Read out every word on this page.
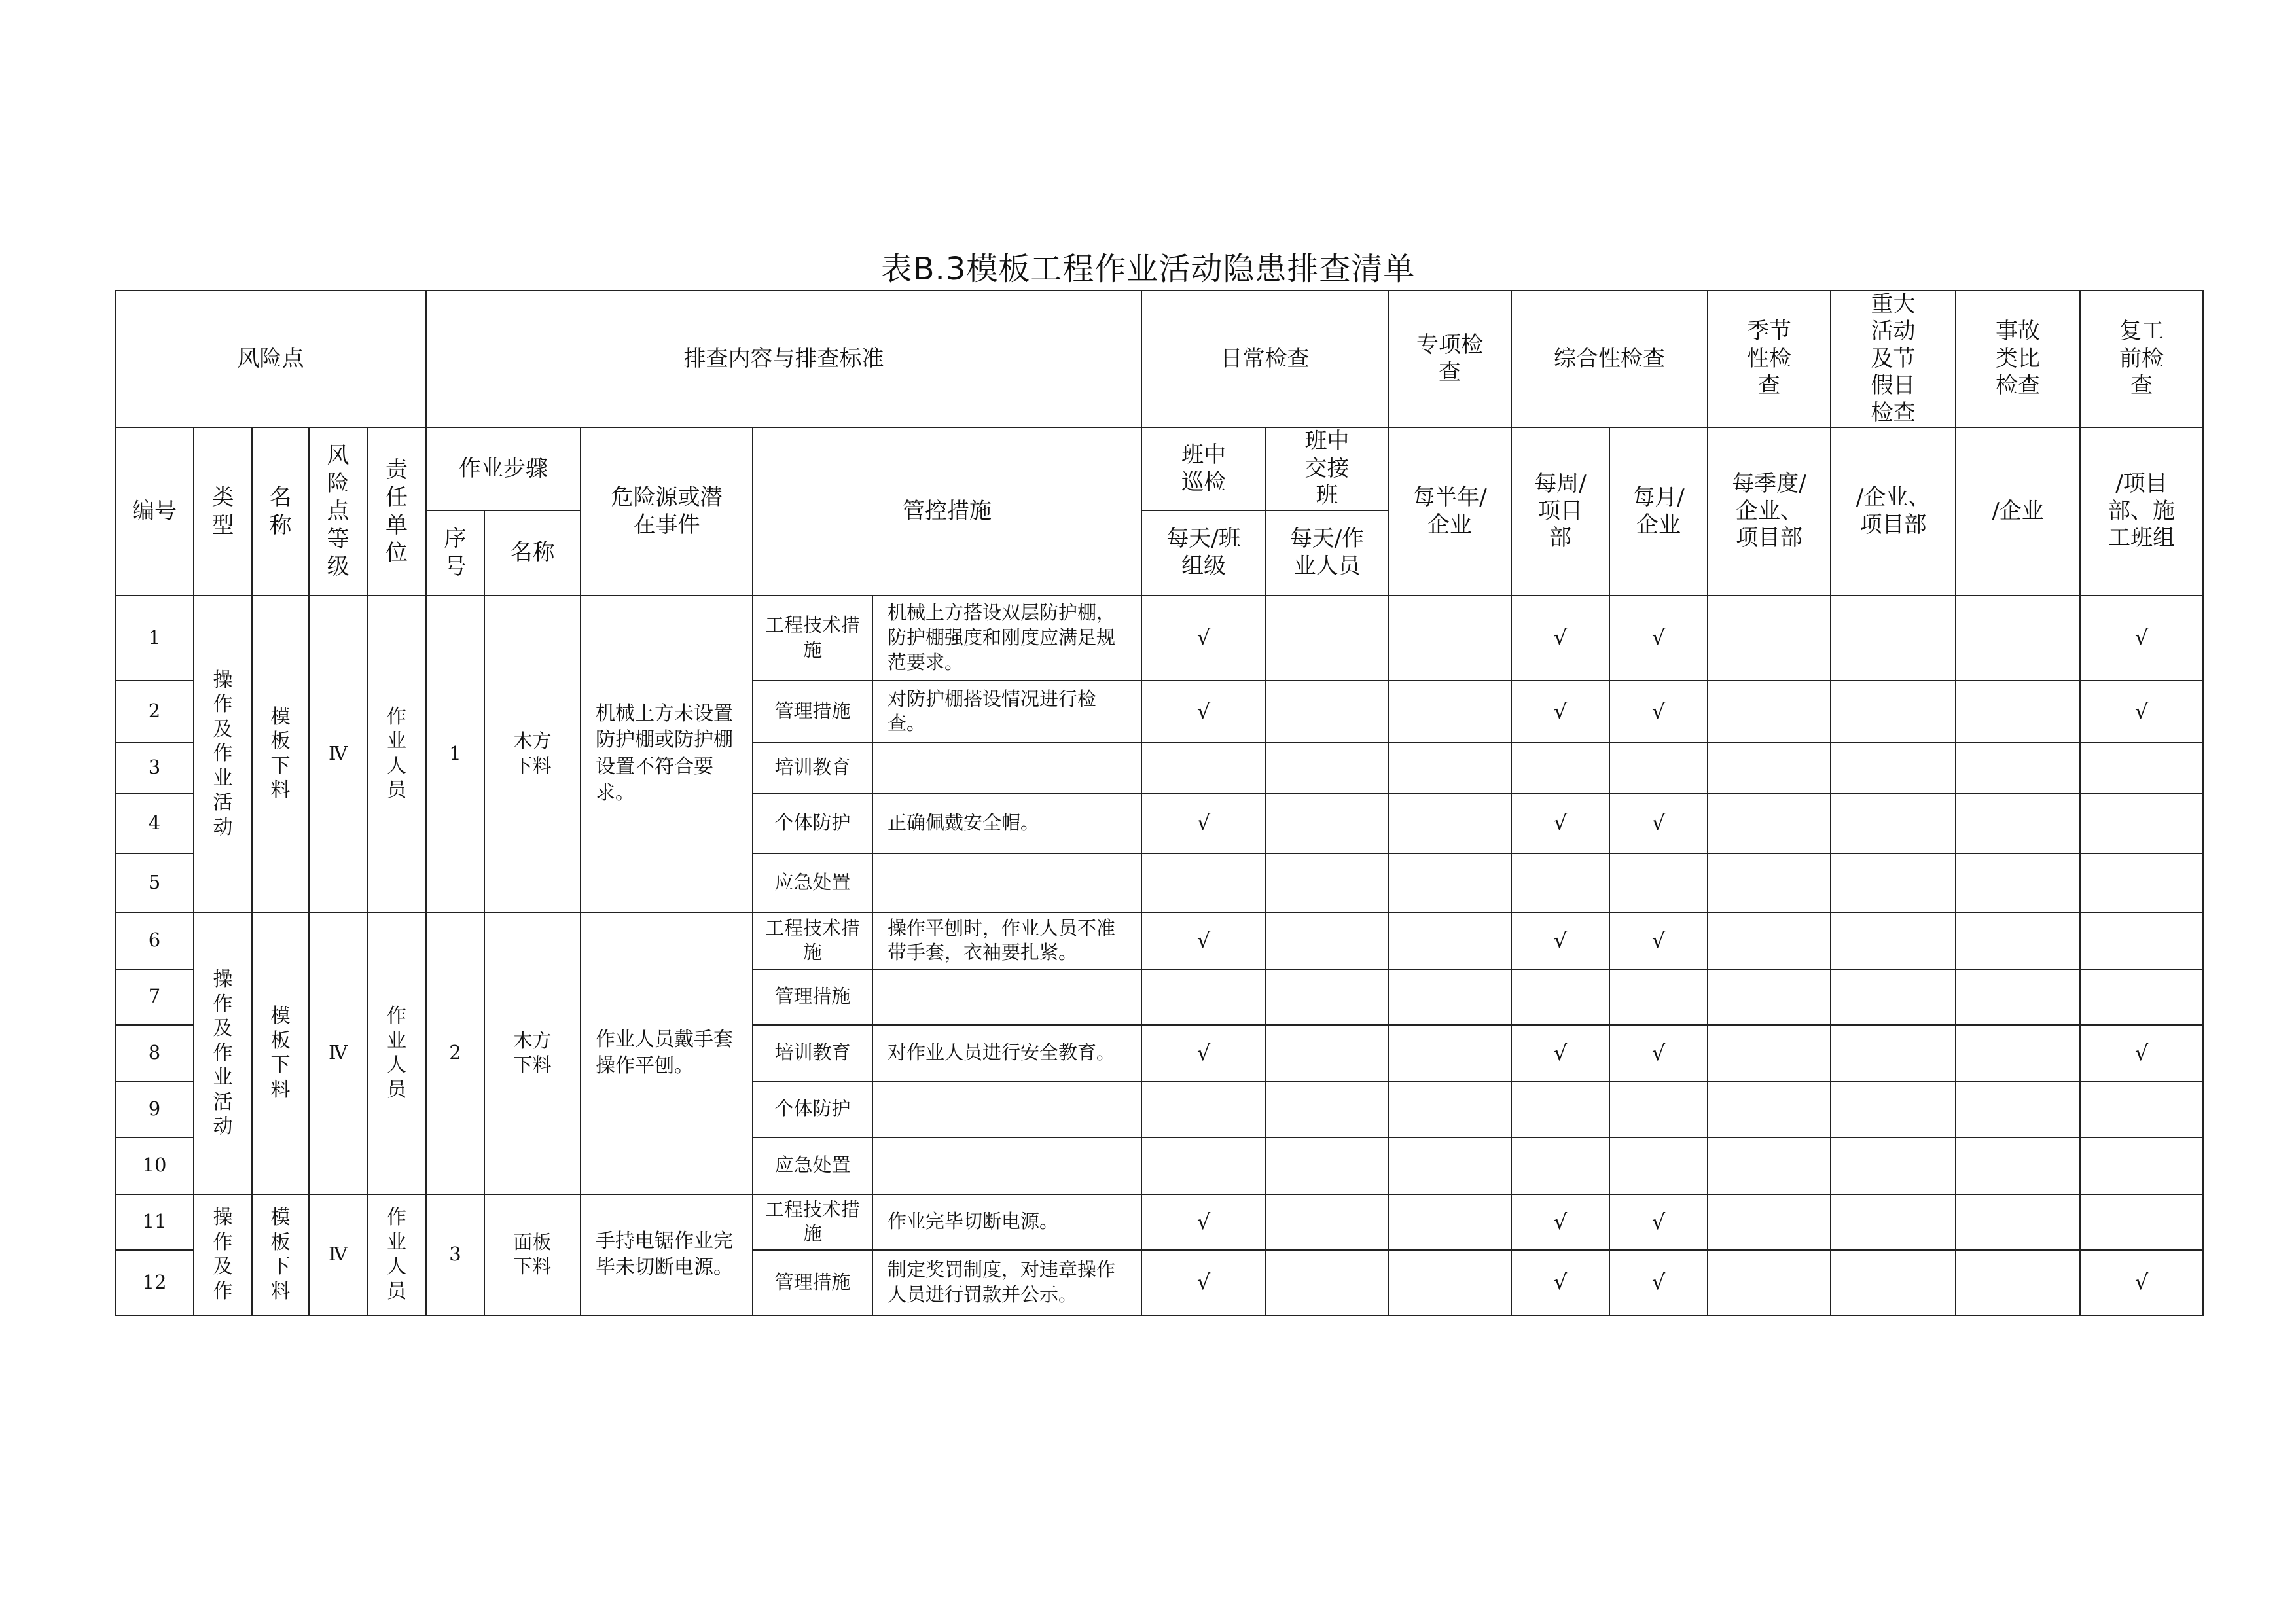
表B.3模板工程作业活动隐患排查清单
风险点					排查内容与排查标准					日常检查		专项检查	综合性检查		季节性检查	重大活动及节假日检查	事故类比检查	复工前检查
编号	类型	名称	风险点等级	责任单位	作业步骤		危险源或潜在事件	管控措施		班中巡检	班中交接班	每半年/企业	每周/项目部	每月/企业	每季度/企业、项目部	/企业、项目部	/企业	/项目部、施工班组
					序号	名称				每天/班组级	每天/作业人员							
1	操作及作业活动	模板下料	Ⅳ	作业人员	1	木方下料	机械上方未设置防护棚或防护棚设置不符合要求。	工程技术措施	机械上方搭设双层防护棚，防护棚强度和刚度应满足规范要求。	√			√	√				√
2								管理措施	对防护棚搭设情况进行检查。	√			√	√				√
3								培训教育										
4								个体防护	正确佩戴安全帽。	√			√	√				
5								应急处置										
6	操作及作业活动	模板下料	Ⅳ	作业人员	2	木方下料	作业人员戴手套操作平刨。	工程技术措施	操作平刨时，作业人员不准带手套，衣袖要扎紧。	√			√	√				
7								管理措施										
8								培训教育	对作业人员进行安全教育。	√			√	√				√
9								个体防护										
10								应急处置										
11	操作及作	模板下料	Ⅳ	作业人员	3	面板下料	手持电锯作业完毕未切断电源。	工程技术措施	作业完毕切断电源。	√			√	√				
12								管理措施	制定奖罚制度，对违章操作人员进行罚款并公示。	√			√	√				√
